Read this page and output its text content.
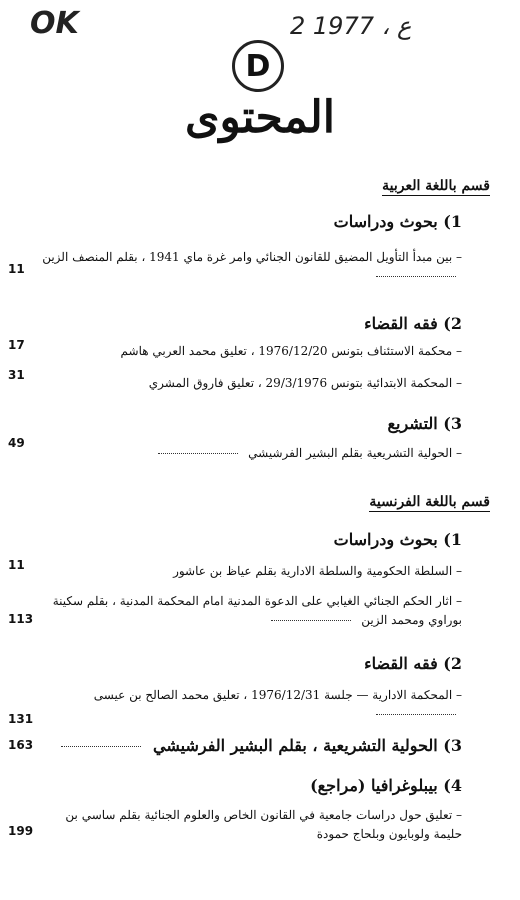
OK	2 ع ، 1977
D
المحتوى
قسم باللغة العربية
1) بحوث ودراسات
– بين مبدأ التأويل المضيق للقانون الجنائي وامر غرة ماي 1941 ، بقلم المنصف الزين
11
2) فقه القضاء
– محكمة الاستئناف بتونس 1976/12/20 ، تعليق محمد العربي هاشم
17
– المحكمة الابتدائية بتونس 29/3/1976 ، تعليق فاروق المشري
31
3) التشريع
– الحولية التشريعية بقلم البشير الفرشيشي
49
قسم باللغة الفرنسية
1) بحوث ودراسات
– السلطة الحكومية والسلطة الادارية بقلم عياظ بن عاشور
11
– اثار الحكم الجنائي الغيابي على الدعوة المدنية امام المحكمة المدنية ، بقلم سكينة بوراوي ومحمد الزين
113
2) فقه القضاء
– المحكمة الادارية — جلسة 1976/12/31 ، تعليق محمد الصالح بن عيسى
131
3) الحولية التشريعية ، بقلم البشير الفرشيشي
163
4) بيبلوغرافيا (مراجع)
– تعليق حول دراسات جامعية في القانون الخاص والعلوم الجنائية بقلم ساسي بن حليمة ولوبايون وبلحاج حمودة
199
